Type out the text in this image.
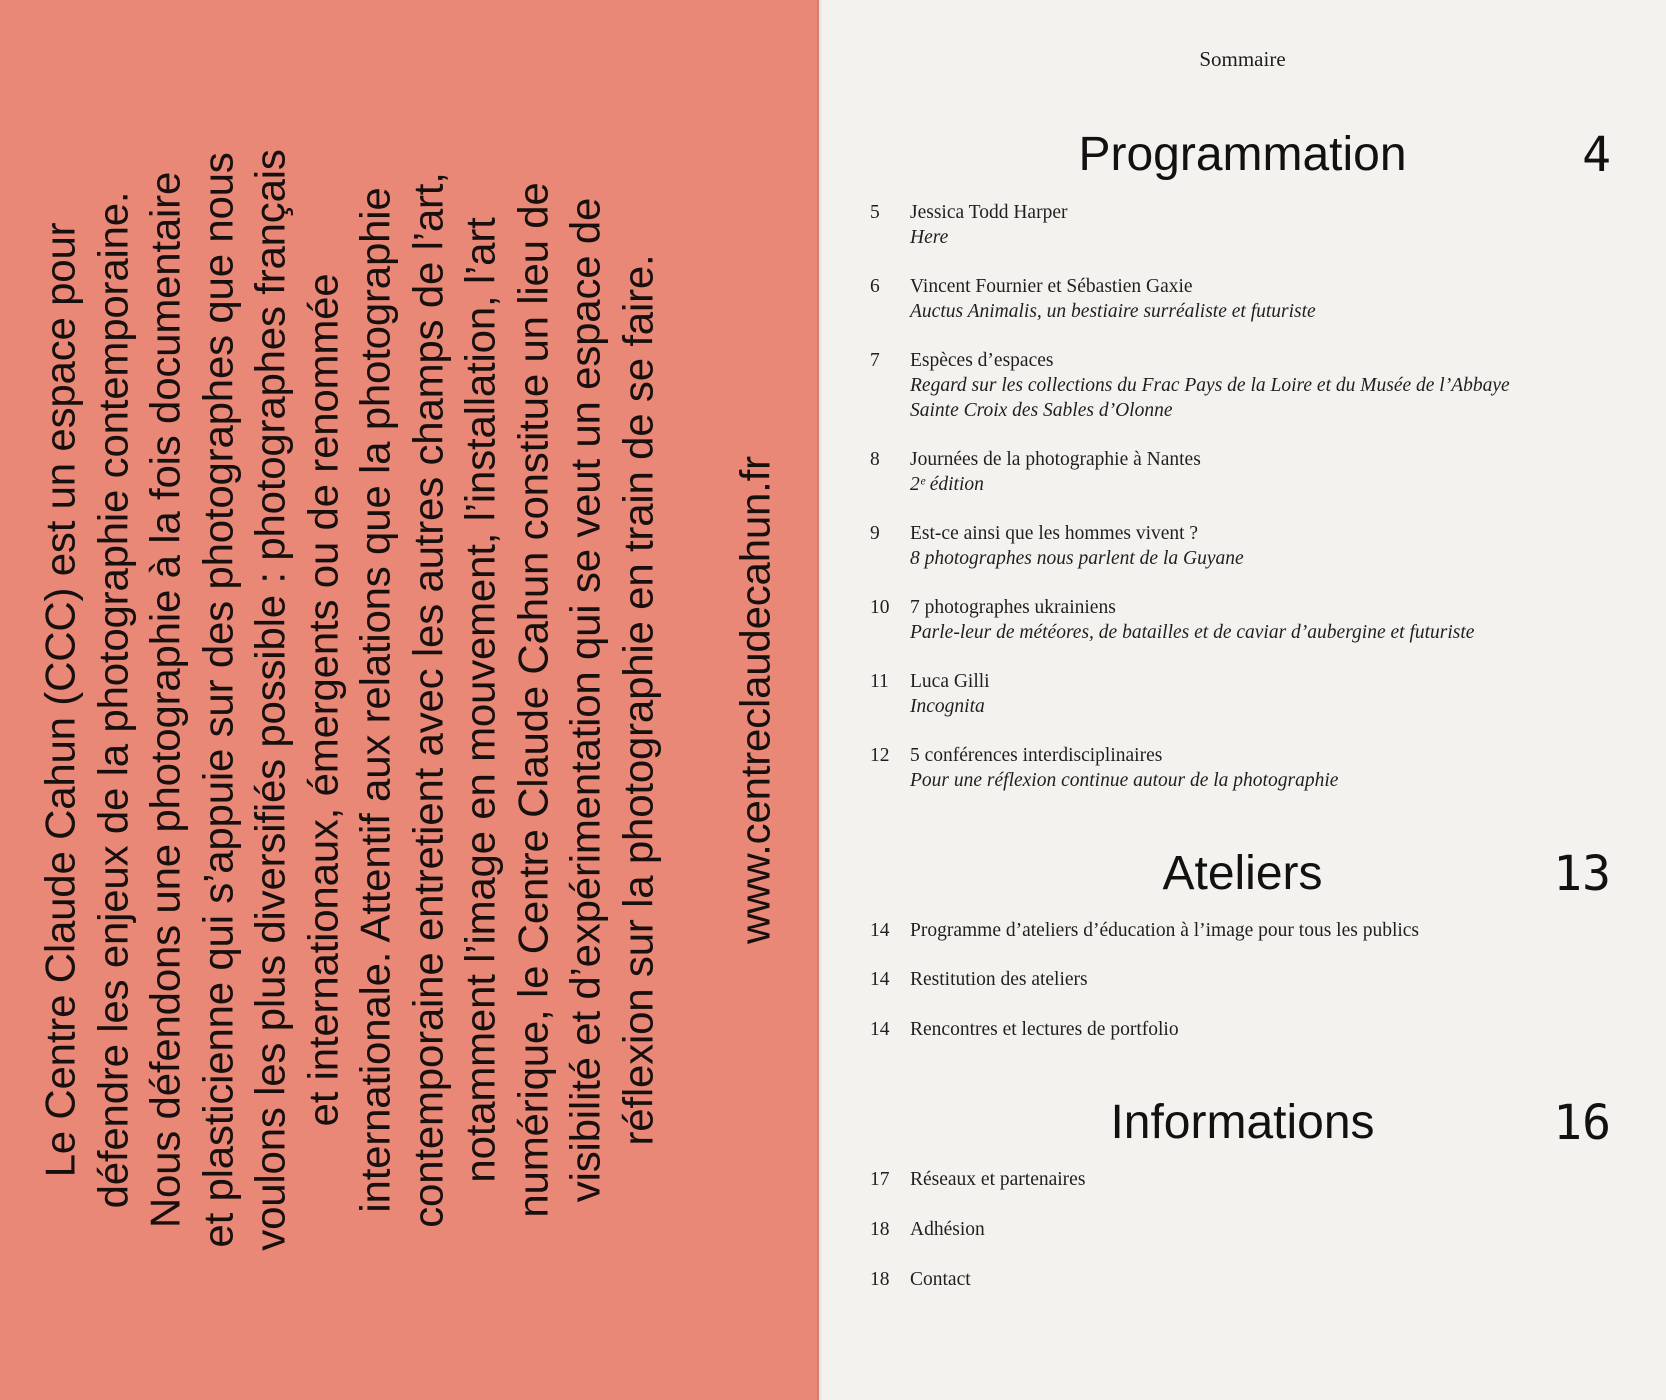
Le Centre Claude Cahun (CCC) est un espace pour défendre les enjeux de la photographie contemporaine. Nous défendons une photographie à la fois documentaire et plasticienne qui s’appuie sur des photographes que nous voulons les plus diversifiés possible : photographes français et internationaux, émergents ou de renommée internationale. Attentif aux relations que la photographie contemporaine entretient avec les autres champs de l’art, notamment l’image en mouvement, l’installation, l’art numérique, le Centre Claude Cahun constitue un lieu de visibilité et d’expérimentation qui se veut un espace de réflexion sur la photographie en train de se faire. www.centreclaudecahun.fr

Sommaire
Programmation	4
5	Jessica Todd Harper
Here
6	Vincent Fournier et Sébastien Gaxie
Auctus Animalis, un bestiaire surréaliste et futuriste
7	Espèces d’espaces
Regard sur les collections du Frac Pays de la Loire et du Musée de l’Abbaye
Sainte Croix des Sables d’Olonne
8	Journées de la photographie à Nantes
2ᵉ édition
9	Est-ce ainsi que les hommes vivent ?
8 photographes nous parlent de la Guyane
10	7 photographes ukrainiens
Parle-leur de météores, de batailles et de caviar d’aubergine et futuriste
11	Luca Gilli
Incognita
12	5 conférences interdisciplinaires
Pour une réflexion continue autour de la photographie
Ateliers	13
14	Programme d’ateliers d’éducation à l’image pour tous les publics
14	Restitution des ateliers
14	Rencontres et lectures de portfolio
Informations	16
17	Réseaux et partenaires
18	Adhésion
18	Contact
